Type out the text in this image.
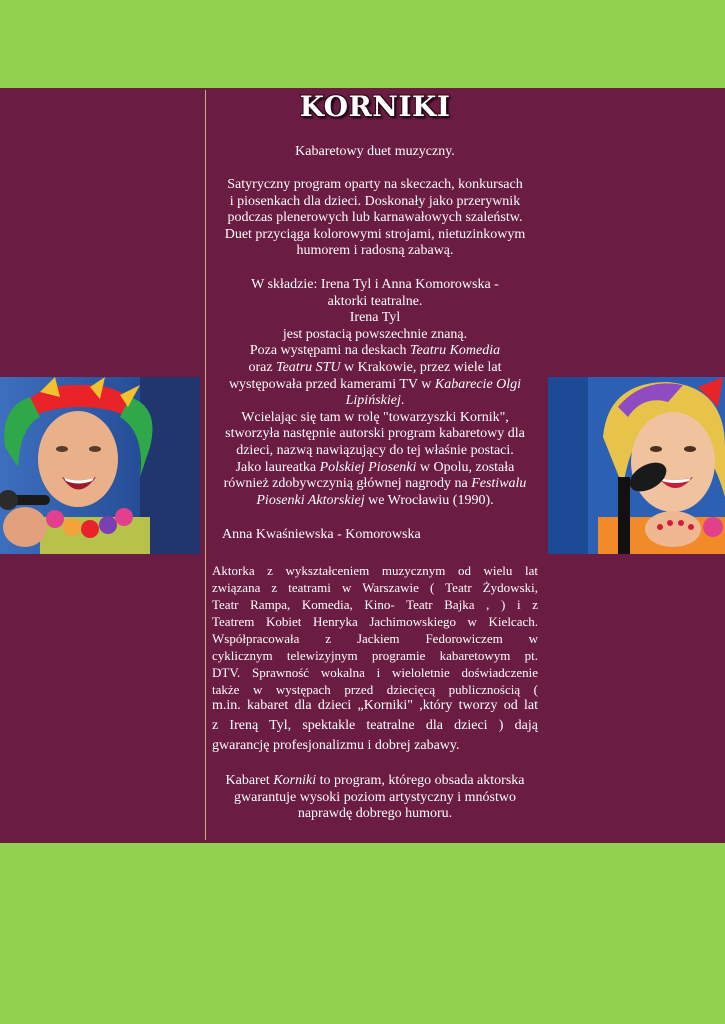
KORNIKI
Kabaretowy duet muzyczny.
Satyryczny program oparty na skeczach, konkursach
i piosenkach dla dzieci. Doskonały jako przerywnik
podczas plenerowych lub karnawałowych szaleństw.
Duet przyciąga kolorowymi strojami, nietuzinkowym
humorem i radosną zabawą.
W składzie: Irena Tyl i Anna Komorowska -
aktorki teatralne.
Irena Tyl
jest postacią powszechnie znaną.
Poza występami na deskach Teatru Komedia
oraz Teatru STU w Krakowie, przez wiele lat
występowała przed kamerami TV w Kabarecie Olgi
Lipińskiej.
Wcielając się tam w rolę "towarzyszki Kornik",
stworzyła następnie autorski program kabaretowy dla
dzieci, nazwą nawiązujący do tej właśnie postaci.
Jako laureatka Polskiej Piosenki w Opolu, została
również zdobywczynią głównej nagrody na Festiwalu
Piosenki Aktorskiej we Wrocławiu (1990).
Anna Kwaśniewska - Komorowska
Aktorka z wykształceniem muzycznym od wielu lat
związana z teatrami w Warszawie ( Teatr Żydowski,
Teatr Rampa, Komedia, Kino- Teatr Bajka , ) i z
Teatrem Kobiet Henryka Jachimowskiego w Kielcach.
Współpracowała z Jackiem Fedorowiczem w
cyklicznym telewizyjnym programie kabaretowym pt.
DTV. Sprawność wokalna i wieloletnie doświadczenie
także w występach przed dziecięcą publicznością (
m.in. kabaret dla dzieci „Korniki" ,który tworzy od lat
z Ireną Tyl, spektakle teatralne dla dzieci ) dają
gwarancję profesjonalizmu i dobrej zabawy.
Kabaret Korniki to program, którego obsada aktorska
gwarantuje wysoki poziom artystyczny i mnóstwo
naprawdę dobrego humoru.
